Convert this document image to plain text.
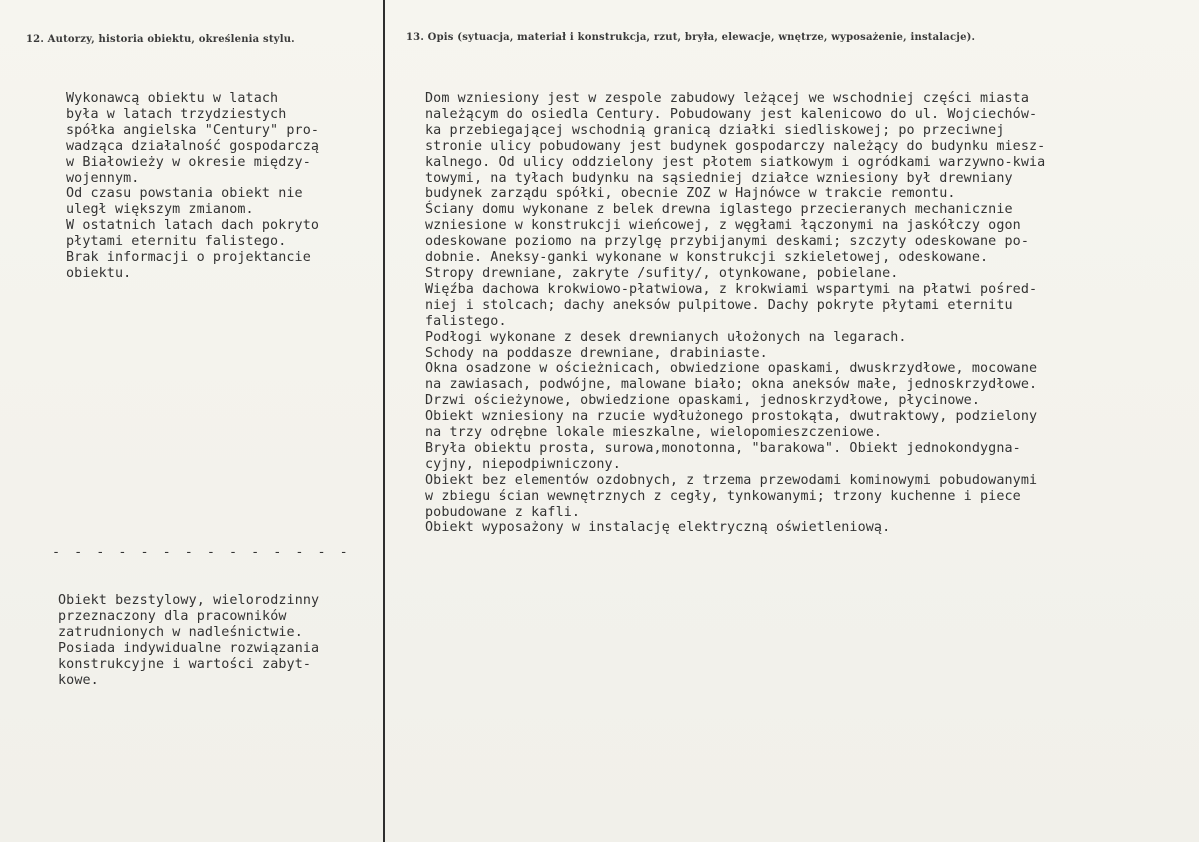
12. Autorzy, historia obiektu, określenia stylu.	13. Opis (sytuacja, materiał i konstrukcja, rzut, bryła, elewacje, wnętrze, wyposażenie, instalacje).
Wykonawcą obiektu w latach
była w latach trzydziestych
spółka angielska "Century" pro-
wadząca działalność gospodarczą
w Białowieży w okresie między-
wojennym.
Od czasu powstania obiekt nie
uległ większym zmianom.
W ostatnich latach dach pokryto
płytami eternitu falistego.
Brak informacji o projektancie
obiektu.
- - - - - - - - - - - - - -
Obiekt bezstylowy, wielorodzinny
przeznaczony dla pracowników
zatrudnionych w nadleśnictwie.
Posiada indywidualne rozwiązania
konstrukcyjne i wartości zabyt-
kowe.
Dom wzniesiony jest w zespole zabudowy leżącej we wschodniej części miasta
należącym do osiedla Century. Pobudowany jest kalenicowo do ul. Wojciechów-
ka przebiegającej wschodnią granicą działki siedliskowej; po przeciwnej
stronie ulicy pobudowany jest budynek gospodarczy należący do budynku miesz-
kalnego. Od ulicy oddzielony jest płotem siatkowym i ogródkami warzywno-kwia
towymi, na tyłach budynku na sąsiedniej działce wzniesiony był drewniany
budynek zarządu spółki, obecnie ZOZ w Hajnówce w trakcie remontu.
Ściany domu wykonane z belek drewna iglastego przecieranych mechanicznie
wzniesione w konstrukcji wieńcowej, z węgłami łączonymi na jaskółczy ogon
odeskowane poziomo na przylgę przybijanymi deskami; szczyty odeskowane po-
dobnie. Aneksy-ganki wykonane w konstrukcji szkieletowej, odeskowane.
Stropy drewniane, zakryte /sufity/, otynkowane, pobielane.
Więźba dachowa krokwiowo-płatwiowa, z krokwiami wspartymi na płatwi pośred-
niej i stolcach; dachy aneksów pulpitowe. Dachy pokryte płytami eternitu
falistego.
Podłogi wykonane z desek drewnianych ułożonych na legarach.
Schody na poddasze drewniane, drabiniaste.
Okna osadzone w ościeżnicach, obwiedzione opaskami, dwuskrzydłowe, mocowane
na zawiasach, podwójne, malowane biało; okna aneksów małe, jednoskrzydłowe.
Drzwi ościeżynowe, obwiedzione opaskami, jednoskrzydłowe, płycinowe.
Obiekt wzniesiony na rzucie wydłużonego prostokąta, dwutraktowy, podzielony
na trzy odrębne lokale mieszkalne, wielopomieszczeniowe.
Bryła obiektu prosta, surowa,monotonna, "barakowa". Obiekt jednokondygna-
cyjny, niepodpiwniczony.
Obiekt bez elementów ozdobnych, z trzema przewodami kominowymi pobudowanymi
w zbiegu ścian wewnętrznych z cegły, tynkowanymi; trzony kuchenne i piece
pobudowane z kafli.
Obiekt wyposażony w instalację elektryczną oświetleniową.
